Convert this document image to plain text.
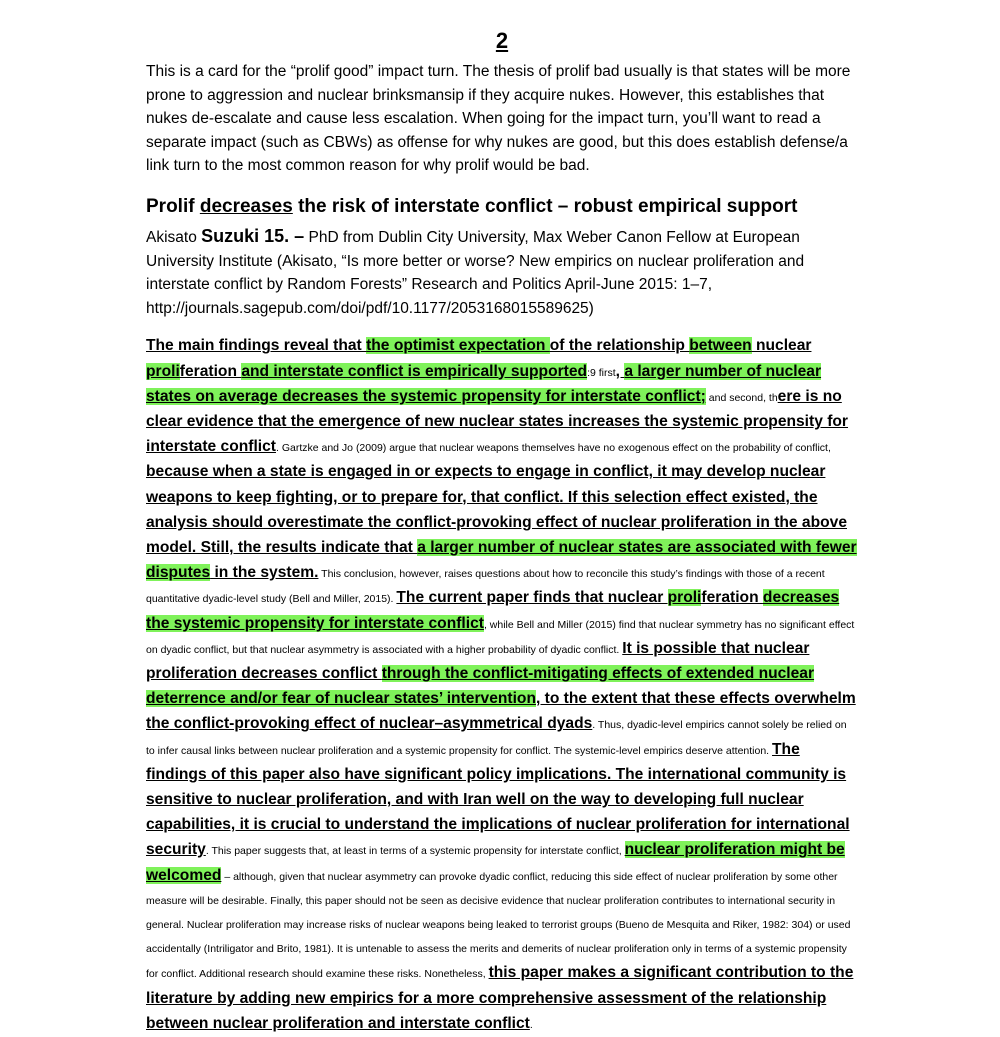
2

This is a card for the “prolif good” impact turn. The thesis of prolif bad usually is that states will be more prone to aggression and nuclear brinksmansip if they acquire nukes. However, this establishes that nukes de-escalate and cause less escalation. When going for the impact turn, you’ll want to read a separate impact (such as CBWs) as offense for why nukes are good, but this does establish defense/a link turn to the most common reason for why prolif would be bad.

Prolif decreases the risk of interstate conflict – robust empirical support

Akisato Suzuki 15. – PhD from Dublin City University, Max Weber Canon Fellow at European University Institute (Akisato, “Is more better or worse? New empirics on nuclear proliferation and interstate conflict by Random Forests” Research and Politics April-June 2015: 1–7, http://journals.sagepub.com/doi/pdf/10.1177/2053168015589625)

The main findings reveal that the optimist expectation of the relationship between nuclear proliferation and interstate conflict is empirically supported:9 first, a larger number of nuclear states on average decreases the systemic propensity for interstate conflict; and second, there is no clear evidence that the emergence of new nuclear states increases the systemic propensity for interstate conflict. Gartzke and Jo (2009) argue that nuclear weapons themselves have no exogenous effect on the probability of conflict, because when a state is engaged in or expects to engage in conflict, it may develop nuclear weapons to keep fighting, or to prepare for, that conflict. If this selection effect existed, the analysis should overestimate the conflict-provoking effect of nuclear proliferation in the above model. Still, the results indicate that a larger number of nuclear states are associated with fewer disputes in the system. This conclusion, however, raises questions about how to reconcile this study’s findings with those of a recent quantitative dyadic-level study (Bell and Miller, 2015). The current paper finds that nuclear proliferation decreases the systemic propensity for interstate conflict, while Bell and Miller (2015) find that nuclear symmetry has no significant effect on dyadic conflict, but that nuclear asymmetry is associated with a higher probability of dyadic conflict. It is possible that nuclear proliferation decreases conflict through the conflict-mitigating effects of extended nuclear deterrence and/or fear of nuclear states’ intervention, to the extent that these effects overwhelm the conflict-provoking effect of nuclear–asymmetrical dyads. Thus, dyadic-level empirics cannot solely be relied on to infer causal links between nuclear proliferation and a systemic propensity for conflict. The systemic-level empirics deserve attention. The findings of this paper also have significant policy implications. The international community is sensitive to nuclear proliferation, and with Iran well on the way to developing full nuclear capabilities, it is crucial to understand the implications of nuclear proliferation for international security. This paper suggests that, at least in terms of a systemic propensity for interstate conflict, nuclear proliferation might be welcomed – although, given that nuclear asymmetry can provoke dyadic conflict, reducing this side effect of nuclear proliferation by some other measure will be desirable. Finally, this paper should not be seen as decisive evidence that nuclear proliferation contributes to international security in general. Nuclear proliferation may increase risks of nuclear weapons being leaked to terrorist groups (Bueno de Mesquita and Riker, 1982: 304) or used accidentally (Intriligator and Brito, 1981). It is untenable to assess the merits and demerits of nuclear proliferation only in terms of a systemic propensity for conflict. Additional research should examine these risks. Nonetheless, this paper makes a significant contribution to the literature by adding new empirics for a more comprehensive assessment of the relationship between nuclear proliferation and interstate conflict.
